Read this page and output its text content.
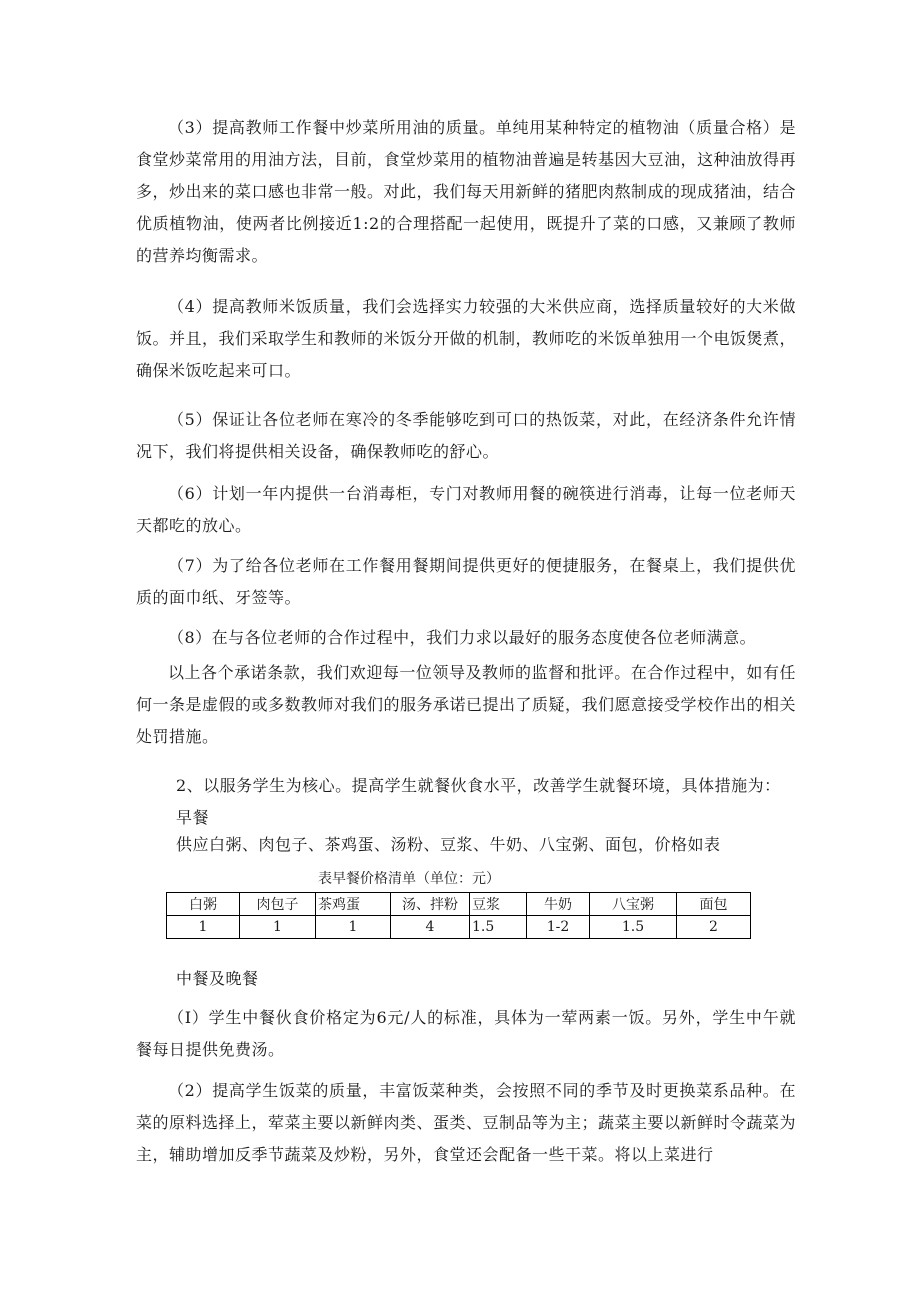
（3）提高教师工作餐中炒菜所用油的质量。单纯用某种特定的植物油（质量合格）是食堂炒菜常用的用油方法，目前，食堂炒菜用的植物油普遍是转基因大豆油，这种油放得再多，炒出来的菜口感也非常一般。对此，我们每天用新鲜的猪肥肉熬制成的现成猪油，结合优质植物油，使两者比例接近1:2的合理搭配一起使用，既提升了菜的口感，又兼顾了教师的营养均衡需求。

（4）提高教师米饭质量，我们会选择实力较强的大米供应商，选择质量较好的大米做饭。并且，我们采取学生和教师的米饭分开做的机制，教师吃的米饭单独用一个电饭煲煮，确保米饭吃起来可口。

（5）保证让各位老师在寒冷的冬季能够吃到可口的热饭菜，对此，在经济条件允许情况下，我们将提供相关设备，确保教师吃的舒心。

（6）计划一年内提供一台消毒柜，专门对教师用餐的碗筷进行消毒，让每一位老师天天都吃的放心。

（7）为了给各位老师在工作餐用餐期间提供更好的便捷服务，在餐桌上，我们提供优质的面巾纸、牙签等。

（8）在与各位老师的合作过程中，我们力求以最好的服务态度使各位老师满意。

以上各个承诺条款，我们欢迎每一位领导及教师的监督和批评。在合作过程中，如有任何一条是虚假的或多数教师对我们的服务承诺已提出了质疑，我们愿意接受学校作出的相关处罚措施。

2、以服务学生为核心。提高学生就餐伙食水平，改善学生就餐环境，具体措施为：

早餐

供应白粥、肉包子、茶鸡蛋、汤粉、豆浆、牛奶、八宝粥、面包，价格如表

表早餐价格清单（单位：元）
白粥	肉包子	茶鸡蛋	汤、拌粉	豆浆	牛奶	八宝粥	面包
1	1	1	4	1.5	1-2	1.5	2

中餐及晚餐

（I）学生中餐伙食价格定为6元/人的标准，具体为一荤两素一饭。另外，学生中午就餐每日提供免费汤。

（2）提高学生饭菜的质量，丰富饭菜种类，会按照不同的季节及时更换菜系品种。在菜的原料选择上，荤菜主要以新鲜肉类、蛋类、豆制品等为主；蔬菜主要以新鲜时令蔬菜为主，辅助增加反季节蔬菜及炒粉，另外，食堂还会配备一些干菜。将以上菜进行
